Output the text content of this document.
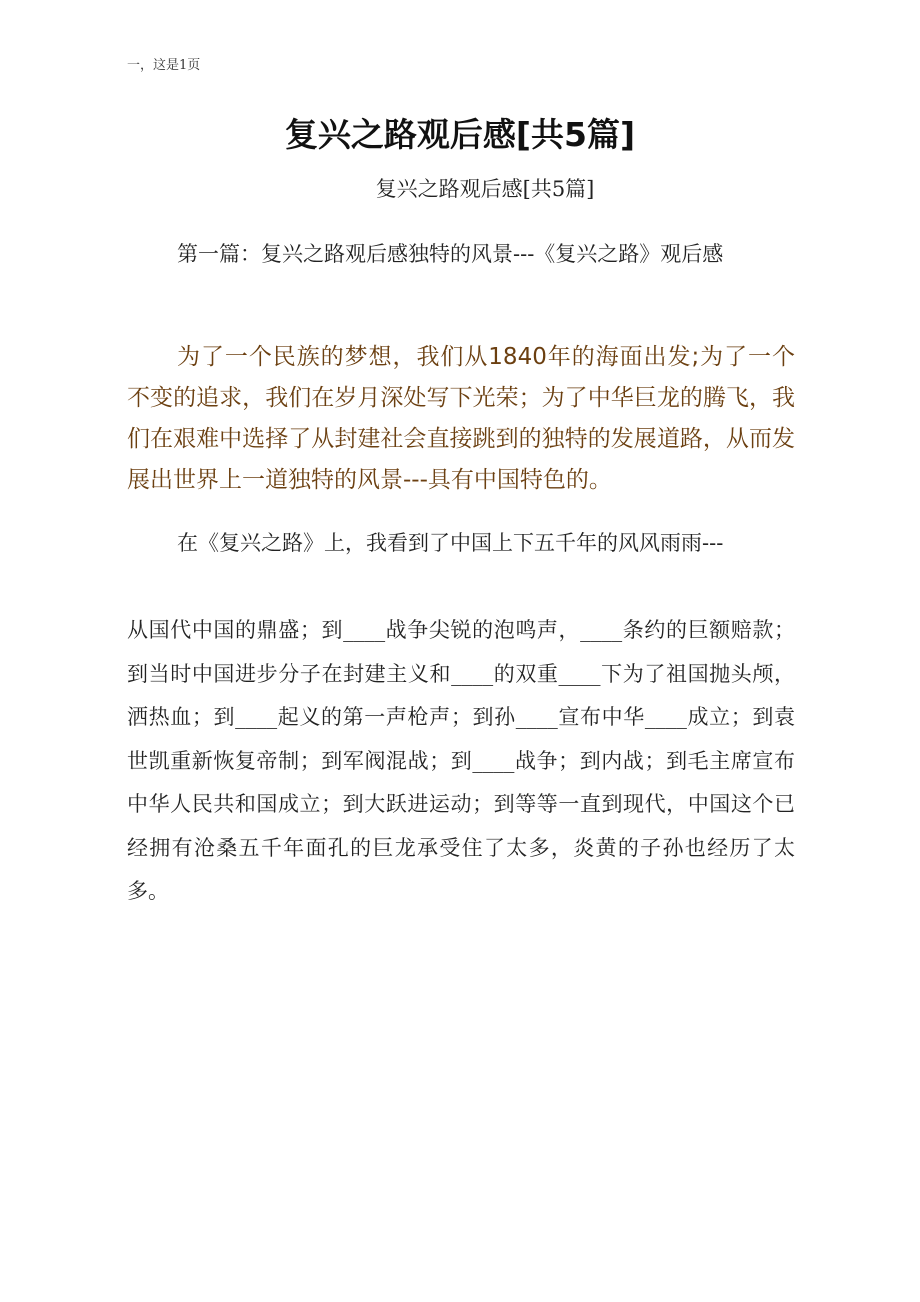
一，这是1页
复兴之路观后感[共5篇]
复兴之路观后感[共5篇]
第一篇：复兴之路观后感独特的风景---《复兴之路》观后感

为了一个民族的梦想，我们从1840年的海面出发;为了一个不变的追求，我们在岁月深处写下光荣；为了中华巨龙的腾飞，我们在艰难中选择了从封建社会直接跳到的独特的发展道路，从而发展出世界上一道独特的风景---具有中国特色的。

在《复兴之路》上，我看到了中国上下五千年的风风雨雨---

从国代中国的鼎盛；到____战争尖锐的泡鸣声，____条约的巨额赔款；到当时中国进步分子在封建主义和____的双重____下为了祖国抛头颅，洒热血；到____起义的第一声枪声；到孙____宣布中华____成立；到袁世凯重新恢复帝制；到军阀混战；到____战争；到内战；到毛主席宣布中华人民共和国成立；到大跃进运动；到等等一直到现代，中国这个已经拥有沧桑五千年面孔的巨龙承受住了太多，炎黄的子孙也经历了太多。
